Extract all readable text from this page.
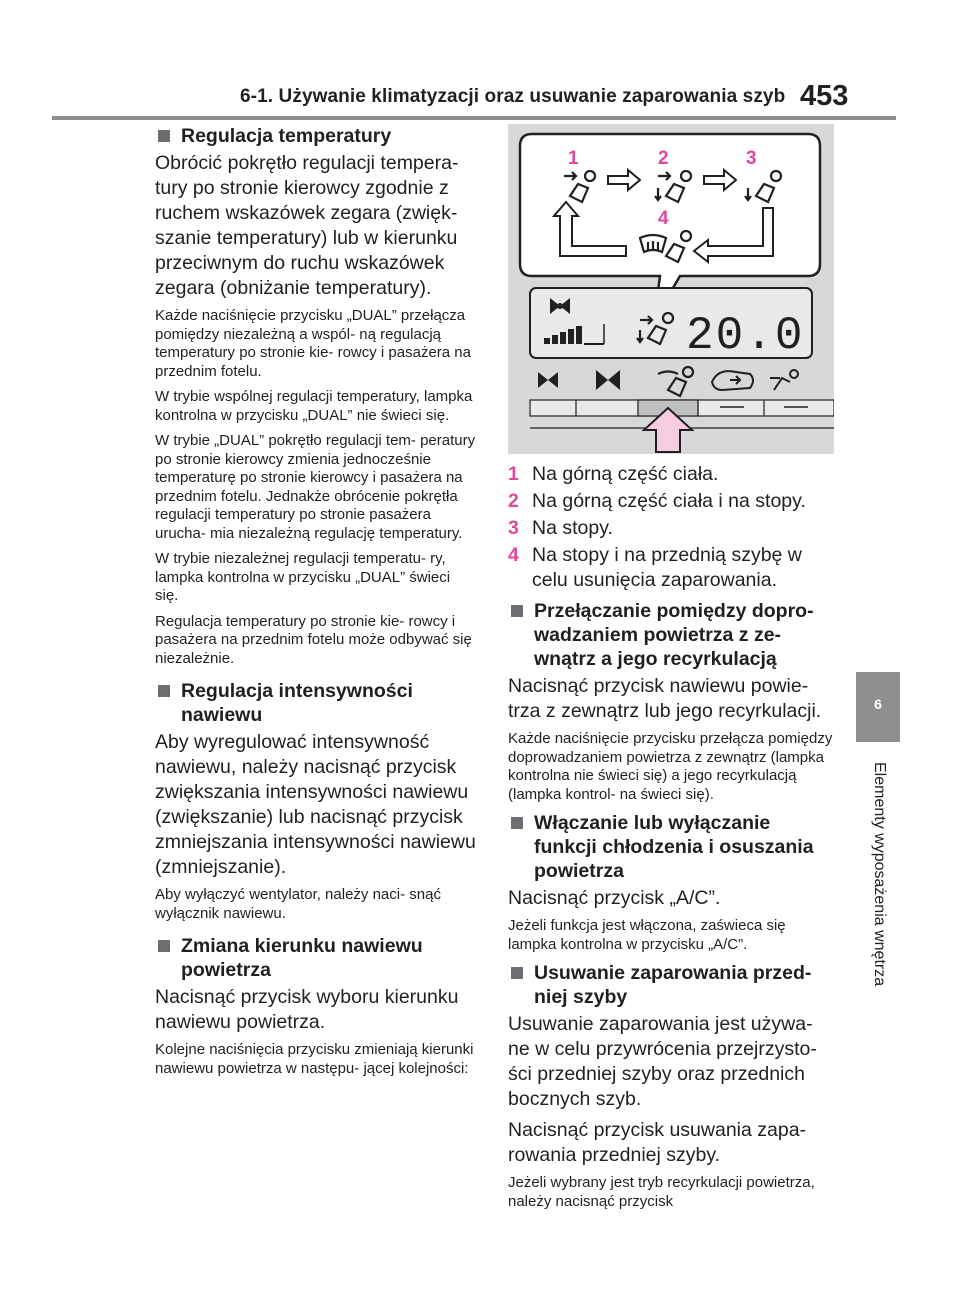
6-1. Używanie klimatyzacji oraz usuwanie zaparowania szyb 453
6
Elementy wyposażenia wnętrza
Regulacja temperatury

Obrócić pokrętło regulacji tempera- tury po stronie kierowcy zgodnie z ruchem wskazówek zegara (zwięk- szanie temperatury) lub w kierunku przeciwnym do ruchu wskazówek zegara (obniżanie temperatury).

Każde naciśnięcie przycisku „DUAL” przełącza pomiędzy niezależną a wspól- ną regulacją temperatury po stronie kie- rowcy i pasażera na przednim fotelu.

W trybie wspólnej regulacji temperatury, lampka kontrolna w przycisku „DUAL” nie świeci się.

W trybie „DUAL” pokrętło regulacji tem- peratury po stronie kierowcy zmienia jednocześnie temperaturę po stronie kierowcy i pasażera na przednim fotelu. Jednakże obrócenie pokrętła regulacji temperatury po stronie pasażera urucha- mia niezależną regulację temperatury.

W trybie niezależnej regulacji temperatu- ry, lampka kontrolna w przycisku „DUAL” świeci się.

Regulacja temperatury po stronie kie- rowcy i pasażera na przednim fotelu może odbywać się niezależnie.

Regulacja intensywności nawiewu

Aby wyregulować intensywność nawiewu, należy nacisnąć przycisk zwiększania intensywności nawiewu (zwiększanie) lub nacisnąć przycisk zmniejszania intensywności nawiewu (zmniejszanie).

Aby wyłączyć wentylator, należy naci- snąć wyłącznik nawiewu.

Zmiana kierunku nawiewu powietrza

Nacisnąć przycisk wyboru kierunku nawiewu powietrza.

Kolejne naciśnięcia przycisku zmieniają kierunki nawiewu powietrza w następu- jącej kolejności:

1	2	3
4
20.0
1 Na górną część ciała.
2 Na górną część ciała i na stopy.
3 Na stopy.
4 Na stopy i na przednią szybę w celu usunięcia zaparowania.
Przełączanie pomiędzy dopro- wadzaniem powietrza z ze- wnątrz a jego recyrkulacją

Nacisnąć przycisk nawiewu powie- trza z zewnątrz lub jego recyrkulacji.

Każde naciśnięcie przycisku przełącza pomiędzy doprowadzaniem powietrza z zewnątrz (lampka kontrolna nie świeci się) a jego recyrkulacją (lampka kontrol- na świeci się).

Włączanie lub wyłączanie funkcji chłodzenia i osuszania powietrza

Nacisnąć przycisk „A/C”.

Jeżeli funkcja jest włączona, zaświeca się lampka kontrolna w przycisku „A/C”.

Usuwanie zaparowania przed- niej szyby

Usuwanie zaparowania jest używa- ne w celu przywrócenia przejrzysto- ści przedniej szyby oraz przednich bocznych szyb.

Nacisnąć przycisk usuwania zapa- rowania przedniej szyby.

Jeżeli wybrany jest tryb recyrkulacji powietrza, należy nacisnąć przycisk
